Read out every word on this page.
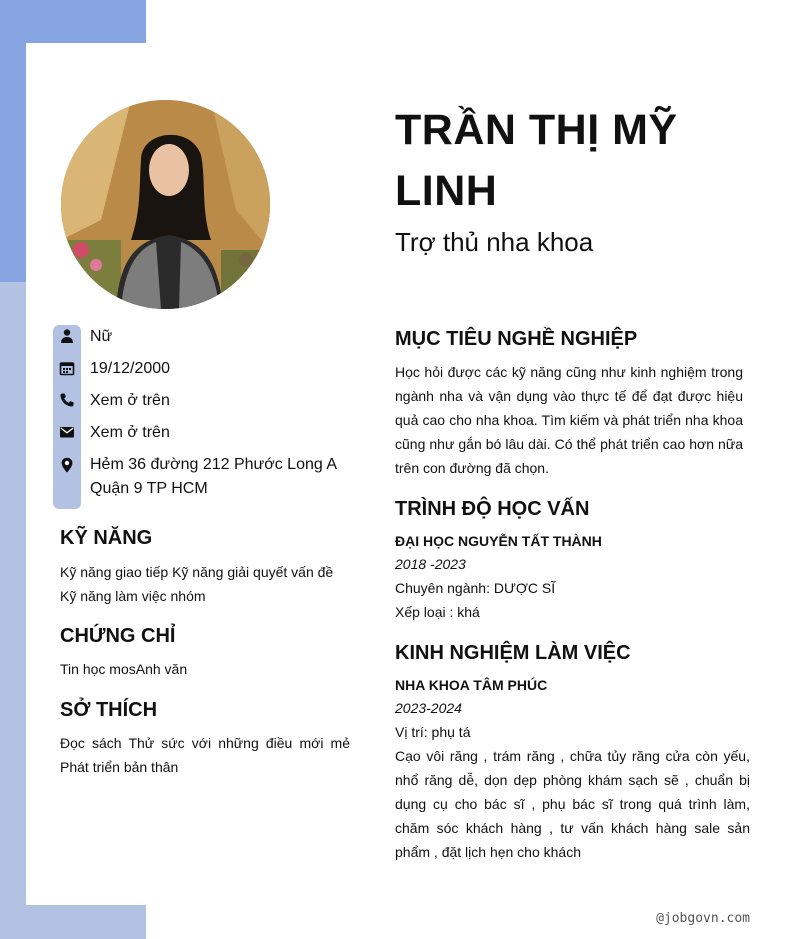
TRẦN THỊ MỸ LINH
Trợ thủ nha khoa
Nữ
19/12/2000
Xem ở trên
Xem ở trên
Hẻm 36 đường 212 Phước Long A
Quận 9 TP HCM
KỸ NĂNG
Kỹ năng giao tiếp Kỹ năng giải quyết vấn đề Kỹ năng làm việc nhóm
CHỨNG CHỈ
Tin học mosAnh văn
SỞ THÍCH
Đọc sách Thử sức với những điều mới mẻ Phát triển bản thân
MỤC TIÊU NGHỀ NGHIỆP
Học hỏi được các kỹ năng cũng như kinh nghiệm trong ngành nha và vận dụng vào thực tế để đạt được hiệu quả cao cho nha khoa. Tìm kiếm và phát triển nha khoa cũng như gắn bó lâu dài. Có thể phát triển cao hơn nữa trên con đường đã chọn.
TRÌNH ĐỘ HỌC VẤN
ĐẠI HỌC NGUYỄN TẤT THÀNH
2018 -2023
Chuyên ngành: DƯỢC SĨ
Xếp loại : khá
KINH NGHIỆM LÀM VIỆC
NHA KHOA TÂM PHÚC
2023-2024
Vị trí: phụ tá
Cạo vôi răng , trám răng , chữa tủy răng cửa còn yếu, nhổ răng dễ, dọn dẹp phòng khám sạch sẽ , chuẩn bị dụng cụ cho bác sĩ , phụ bác sĩ trong quá trình làm, chăm sóc khách hàng , tư vấn khách hàng sale sản phẩm , đặt lịch hẹn cho khách
@jobgovn.com
